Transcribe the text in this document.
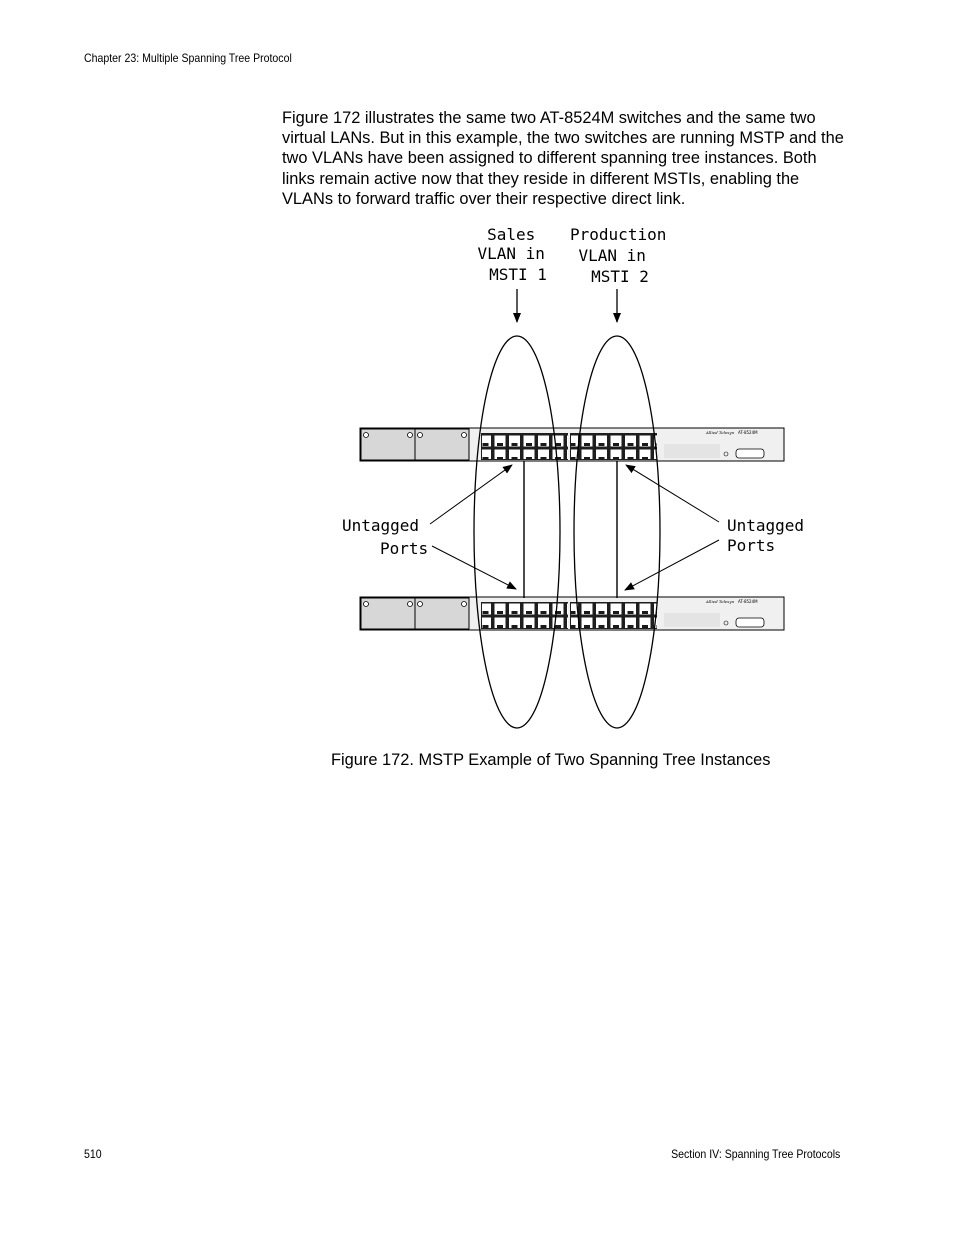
Chapter 23: Multiple Spanning Tree Protocol

Figure 172 illustrates the same two AT-8524M switches and the same two virtual LANs. But in this example, the two switches are running MSTP and the two VLANs have been assigned to different spanning tree instances. Both links remain active now that they reside in different MSTIs, enabling the VLANs to forward traffic over their respective direct link.

Allied Telesyn AT-8524M
Allied Telesyn AT-8524M
Sales VLAN in MSTI 1
Production VLAN in MSTI 2
Untagged Ports
Untagged Ports
Figure 172. MSTP Example of Two Spanning Tree Instances
510	Section IV: Spanning Tree Protocols
